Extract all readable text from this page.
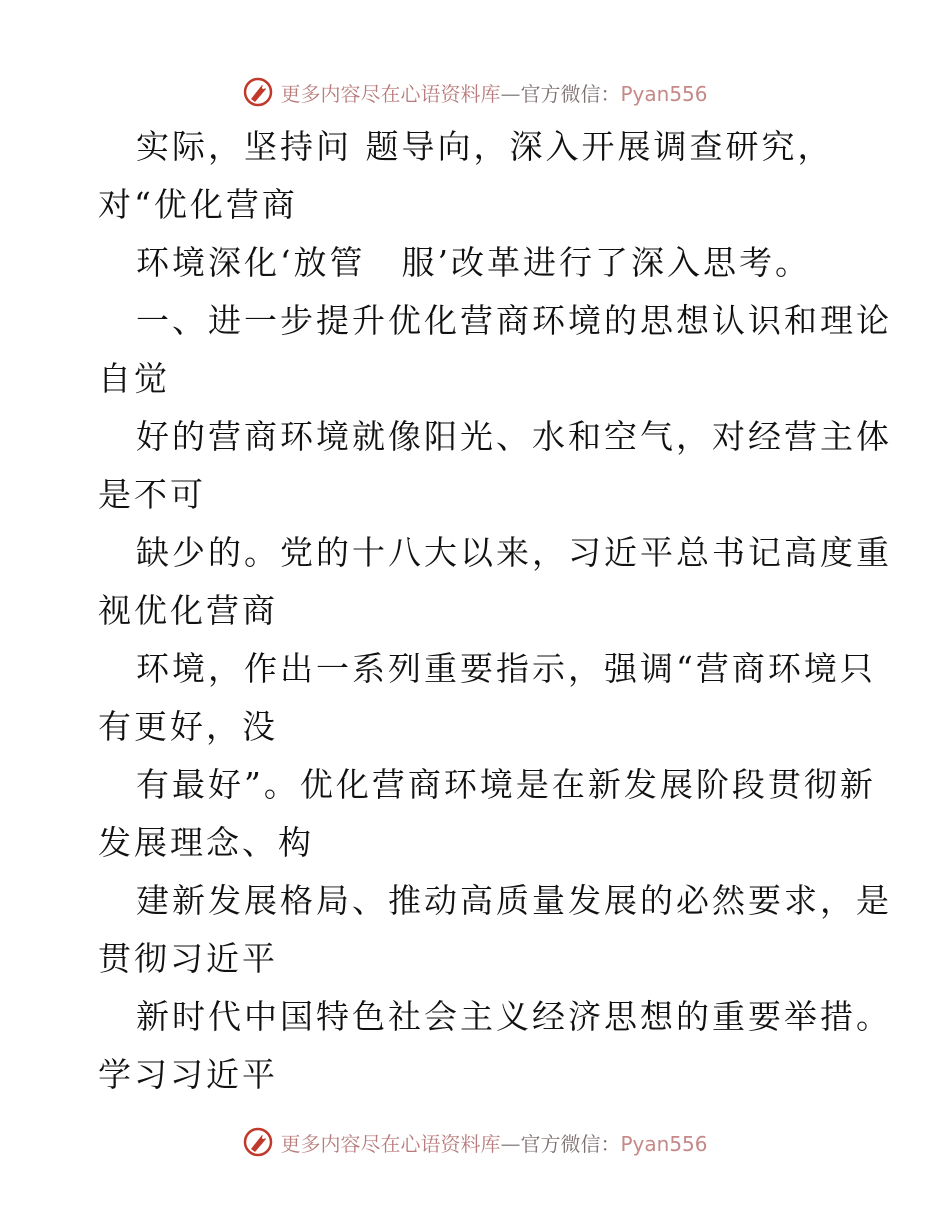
更多内容尽在心语资料库—官方微信：Pyan556
实际，坚持问 题导向，深入开展调查研究，
对“优化营商
环境深化‘放管　服’改革进行了深入思考。
一、进一步提升优化营商环境的思想认识和理论
自觉
好的营商环境就像阳光、水和空气，对经营主体
是不可
缺少的。党的十八大以来，习近平总书记高度重
视优化营商
环境，作出一系列重要指示，强调“营商环境只
有更好，没
有最好”。优化营商环境是在新发展阶段贯彻新
发展理念、构
建新发展格局、推动高质量发展的必然要求，是
贯彻习近平
新时代中国特色社会主义经济思想的重要举措。
学习习近平
更多内容尽在心语资料库—官方微信：Pyan556
